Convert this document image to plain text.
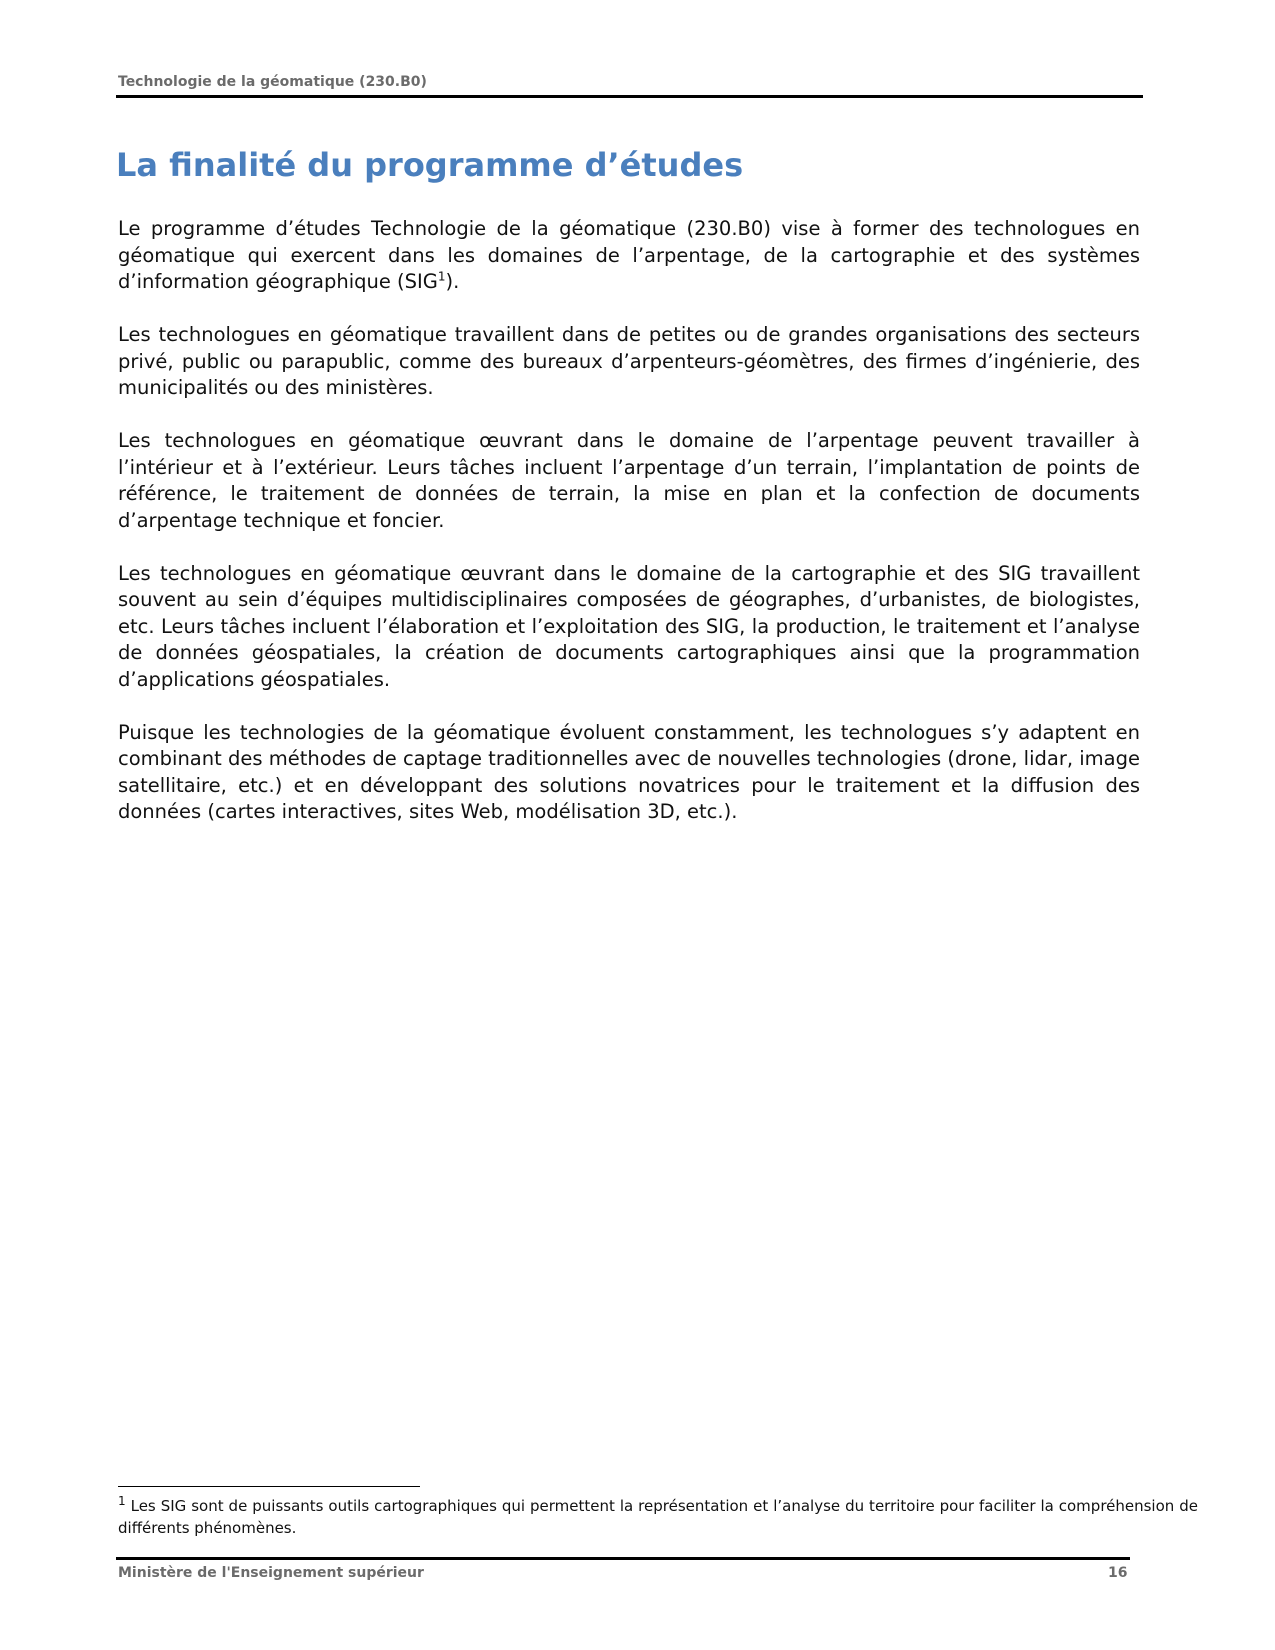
Technologie de la géomatique (230.B0)
La finalité du programme d’études

Le programme d’études Technologie de la géomatique (230.B0) vise à former des technologues en géomatique qui exercent dans les domaines de l’arpentage, de la cartographie et des systèmes d’information géographique (SIG$^1$).

Les technologues en géomatique travaillent dans de petites ou de grandes organisations des secteurs privé, public ou parapublic, comme des bureaux d’arpenteurs-géomètres, des firmes d’ingénierie, des municipalités ou des ministères.

Les technologues en géomatique œuvrant dans le domaine de l’arpentage peuvent travailler à l’intérieur et à l’extérieur. Leurs tâches incluent l’arpentage d’un terrain, l’implantation de points de référence, le traitement de données de terrain, la mise en plan et la confection de documents d’arpentage technique et foncier.

Les technologues en géomatique œuvrant dans le domaine de la cartographie et des SIG travaillent souvent au sein d’équipes multidisciplinaires composées de géographes, d’urbanistes, de biologistes, etc. Leurs tâches incluent l’élaboration et l’exploitation des SIG, la production, le traitement et l’analyse de données géospatiales, la création de documents cartographiques ainsi que la programmation d’applications géospatiales.

Puisque les technologies de la géomatique évoluent constamment, les technologues s’y adaptent en combinant des méthodes de captage traditionnelles avec de nouvelles technologies (drone, lidar, image satellitaire, etc.) et en développant des solutions novatrices pour le traitement et la diffusion des données (cartes interactives, sites Web, modélisation 3D, etc.).

$^1$ Les SIG sont de puissants outils cartographiques qui permettent la représentation et l’analyse du territoire pour faciliter la compréhension de différents phénomènes.

Ministère de l'Enseignement supérieur	16
